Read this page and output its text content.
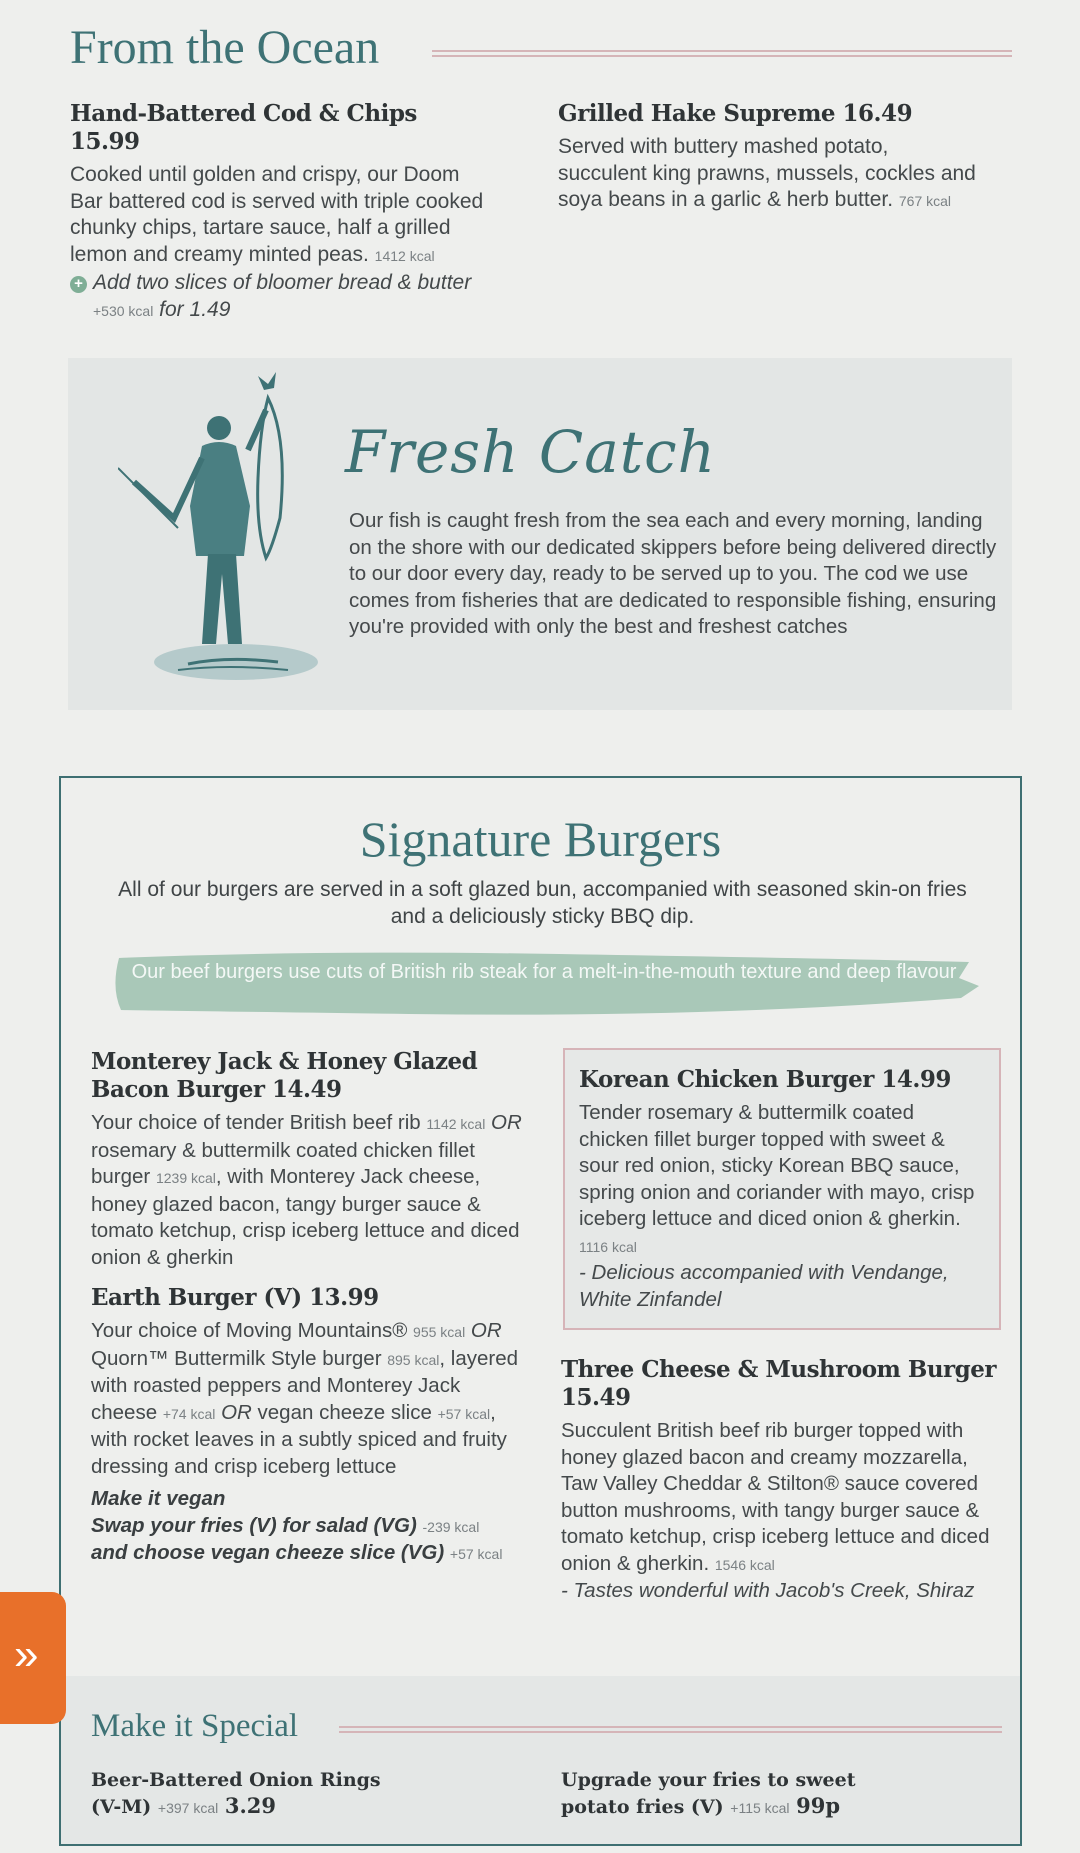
From the Ocean
Hand-Battered Cod & Chips 15.99

Cooked until golden and crispy, our Doom Bar battered cod is served with triple cooked chunky chips, tartare sauce, half a grilled lemon and creamy minted peas. 1412 kcal

+ Add two slices of bloomer bread & butter +530 kcal for 1.49
Grilled Hake Supreme 16.49

Served with buttery mashed potato, succulent king prawns, mussels, cockles and soya beans in a garlic & herb butter. 767 kcal

Fresh Catch
Our fish is caught fresh from the sea each and every morning, landing on the shore with our dedicated skippers before being delivered directly to our door every day, ready to be served up to you. The cod we use comes from fisheries that are dedicated to responsible fishing, ensuring you're provided with only the best and freshest catches
Signature Burgers
All of our burgers are served in a soft glazed bun, accompanied with seasoned skin-on fries and a deliciously sticky BBQ dip.
Our beef burgers use cuts of British rib steak for a melt-in-the-mouth texture and deep flavour
Monterey Jack & Honey Glazed Bacon Burger 14.49

Your choice of tender British beef rib 1142 kcal OR rosemary & buttermilk coated chicken fillet burger 1239 kcal, with Monterey Jack cheese, honey glazed bacon, tangy burger sauce & tomato ketchup, crisp iceberg lettuce and diced onion & gherkin

Earth Burger (V) 13.99

Your choice of Moving Mountains® 955 kcal OR Quorn™ Buttermilk Style burger 895 kcal, layered with roasted peppers and Monterey Jack cheese +74 kcal OR vegan cheeze slice +57 kcal, with rocket leaves in a subtly spiced and fruity dressing and crisp iceberg lettuce

Make it vegan
Swap your fries (V) for salad (VG) -239 kcal
and choose vegan cheeze slice (VG) +57 kcal
Korean Chicken Burger 14.99

Tender rosemary & buttermilk coated chicken fillet burger topped with sweet & sour red onion, sticky Korean BBQ sauce, spring onion and coriander with mayo, crisp iceberg lettuce and diced onion & gherkin. 1116 kcal

- Delicious accompanied with Vendange, White Zinfandel

Three Cheese & Mushroom Burger 15.49

Succulent British beef rib burger topped with honey glazed bacon and creamy mozzarella, Taw Valley Cheddar & Stilton® sauce covered button mushrooms, with tangy burger sauce & tomato ketchup, crisp iceberg lettuce and diced onion & gherkin. 1546 kcal

- Tastes wonderful with Jacob's Creek, Shiraz

Make it Special
Beer-Battered Onion Rings (V-M) +397 kcal 3.29
Upgrade your fries to sweet potato fries (V) +115 kcal 99p
»
